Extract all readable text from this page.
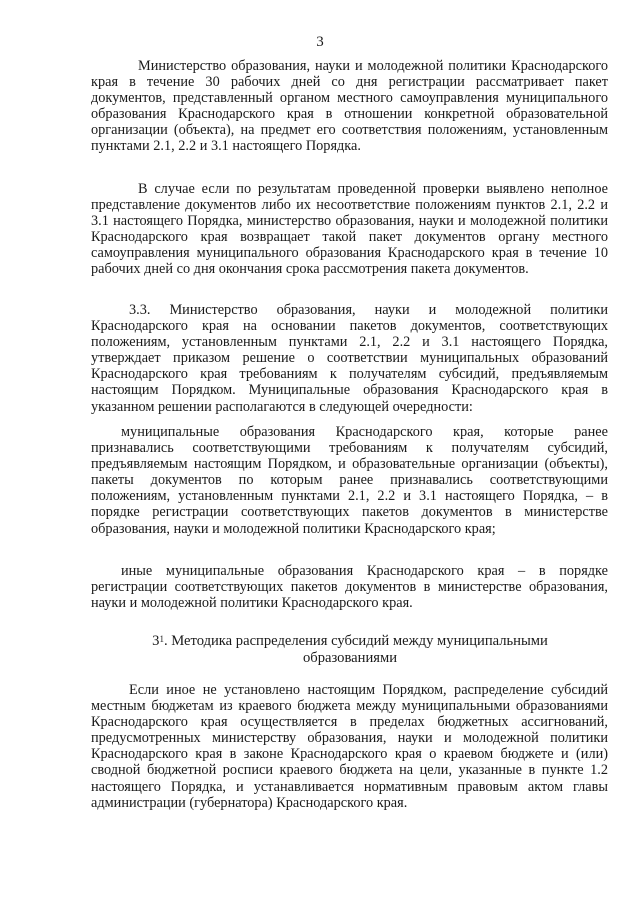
3

Министерство образования, науки и молодежной политики Краснодарского края в течение 30 рабочих дней со дня регистрации рассматривает пакет документов, представленный органом местного самоуправления муниципального образования Краснодарского края в отношении конкретной образовательной организации (объекта), на предмет его соответствия положениям, установленным пунктами 2.1, 2.2 и 3.1 настоящего Порядка.

В случае если по результатам проведенной проверки выявлено неполное представление документов либо их несоответствие положениям пунктов 2.1, 2.2 и 3.1 настоящего Порядка, министерство образования, науки и молодежной политики Краснодарского края возвращает такой пакет документов органу местного самоуправления муниципального образования Краснодарского края в течение 10 рабочих дней со дня окончания срока рассмотрения пакета документов.

3.3. Министерство образования, науки и молодежной политики Краснодарского края на основании пакетов документов, соответствующих положениям, установленным пунктами 2.1, 2.2 и 3.1 настоящего Порядка, утверждает приказом решение о соответствии муниципальных образований Краснодарского края требованиям к получателям субсидий, предъявляемым настоящим Порядком. Муниципальные образования Краснодарского края в указанном решении располагаются в следующей очередности:

муниципальные образования Краснодарского края, которые ранее признавались соответствующими требованиям к получателям субсидий, предъявляемым настоящим Порядком, и образовательные организации (объекты), пакеты документов по которым ранее признавались соответствующими положениям, установленным пунктами 2.1, 2.2 и 3.1 настоящего Порядка, – в порядке регистрации соответствующих пакетов документов в министерстве образования, науки и молодежной политики Краснодарского края;

иные муниципальные образования Краснодарского края – в порядке регистрации соответствующих пакетов документов в министерстве образования, науки и молодежной политики Краснодарского края.

$3^1$. Методика распределения субсидий между муниципальными
образованиями

Если иное не установлено настоящим Порядком, распределение субсидий местным бюджетам из краевого бюджета между муниципальными образованиями Краснодарского края осуществляется в пределах бюджетных ассигнований, предусмотренных министерству образования, науки и молодежной политики Краснодарского края в законе Краснодарского края о краевом бюджете и (или) сводной бюджетной росписи краевого бюджета на цели, указанные в пункте 1.2 настоящего Порядка, и устанавливается нормативным правовым актом главы администрации (губернатора) Краснодарского края.
